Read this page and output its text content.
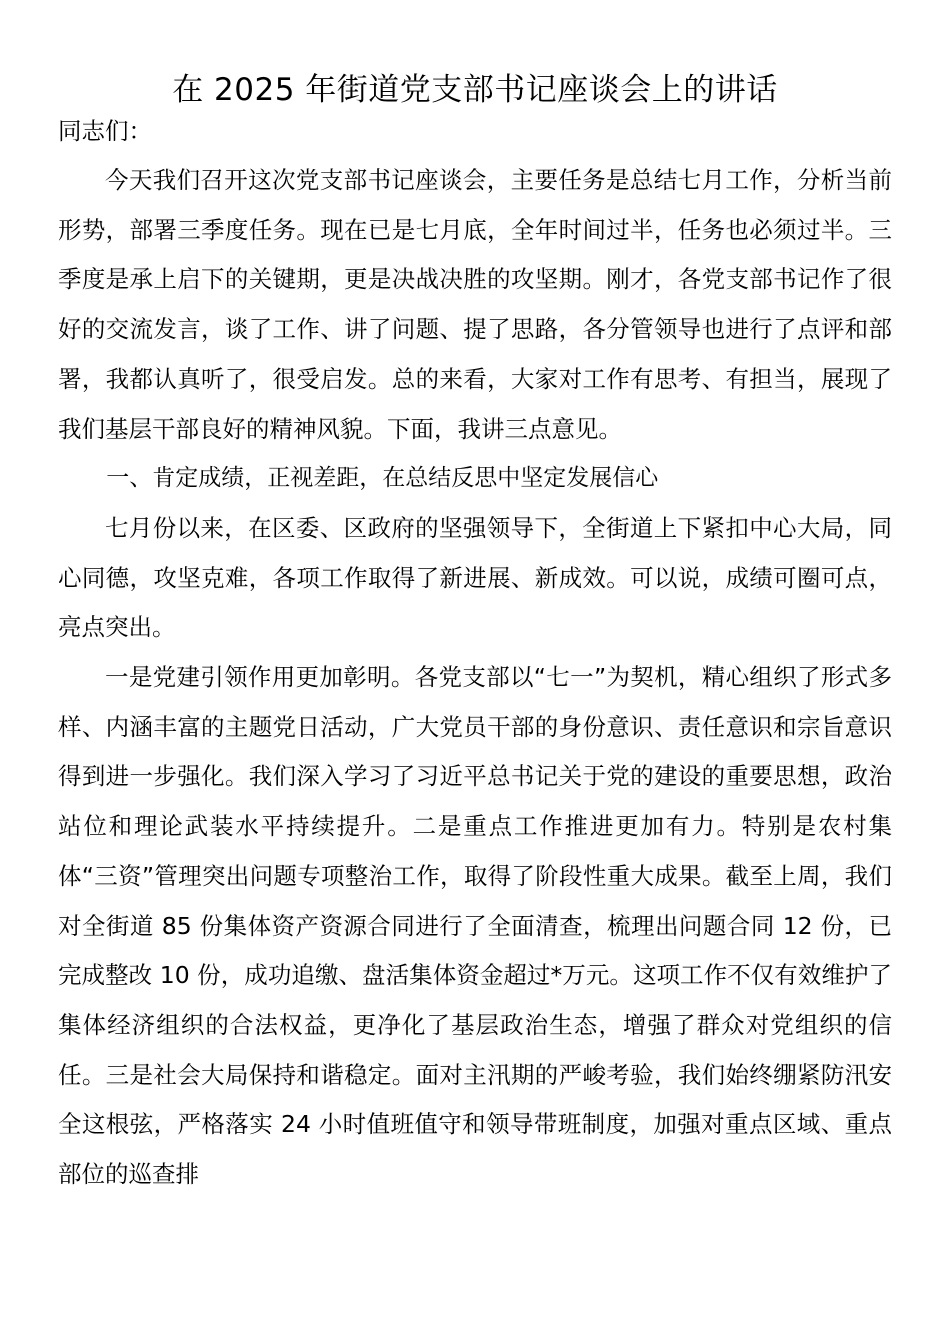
在 2025 年街道党支部书记座谈会上的讲话

同志们：

今天我们召开这次党支部书记座谈会，主要任务是总结七月工作，分析当前形势，部署三季度任务。现在已是七月底，全年时间过半，任务也必须过半。三季度是承上启下的关键期，更是决战决胜的攻坚期。刚才，各党支部书记作了很好的交流发言，谈了工作、讲了问题、提了思路，各分管领导也进行了点评和部署，我都认真听了，很受启发。总的来看，大家对工作有思考、有担当，展现了我们基层干部良好的精神风貌。下面，我讲三点意见。

一、肯定成绩，正视差距，在总结反思中坚定发展信心

七月份以来，在区委、区政府的坚强领导下，全街道上下紧扣中心大局，同心同德，攻坚克难，各项工作取得了新进展、新成效。可以说，成绩可圈可点，亮点突出。

一是党建引领作用更加彰明。各党支部以“七一”为契机，精心组织了形式多样、内涵丰富的主题党日活动，广大党员干部的身份意识、责任意识和宗旨意识得到进一步强化。我们深入学习了习近平总书记关于党的建设的重要思想，政治站位和理论武装水平持续提升。二是重点工作推进更加有力。特别是农村集体“三资”管理突出问题专项整治工作，取得了阶段性重大成果。截至上周，我们对全街道 85 份集体资产资源合同进行了全面清查，梳理出问题合同 12 份，已完成整改 10 份，成功追缴、盘活集体资金超过*万元。这项工作不仅有效维护了集体经济组织的合法权益，更净化了基层政治生态，增强了群众对党组织的信任。三是社会大局保持和谐稳定。面对主汛期的严峻考验，我们始终绷紧防汛安全这根弦，严格落实 24 小时值班值守和领导带班制度，加强对重点区域、重点部位的巡查排
